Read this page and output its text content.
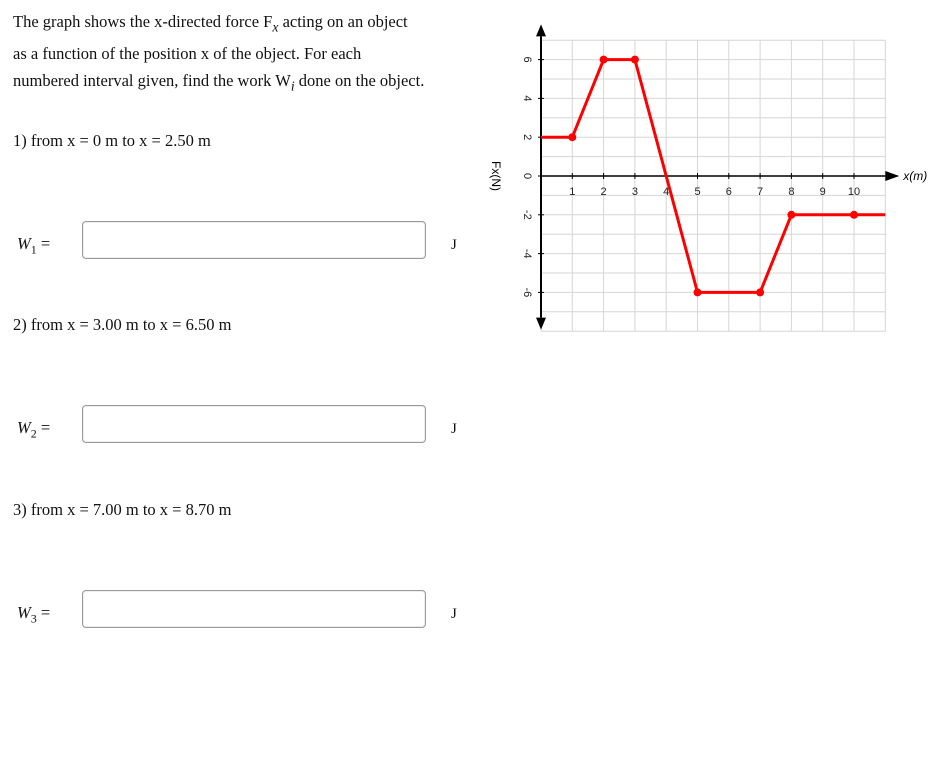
The graph shows the x-directed force $F_x$ acting on an object

as a function of the position x of the object. For each

numbered interval given, find the work $W_i$ done on the object.

1) from x = 0 m to x = 2.50 m
$W_1$ =	J
2) from x = 3.00 m to x = 6.50 m
$W_2$ =	J
3) from x = 7.00 m to x = 8.70 m
$W_3$ =	J
1 2 3 4 5 6 7 8 9 10
6
4
2
0
-2
-4
-6
x(m)
Fx(N)
